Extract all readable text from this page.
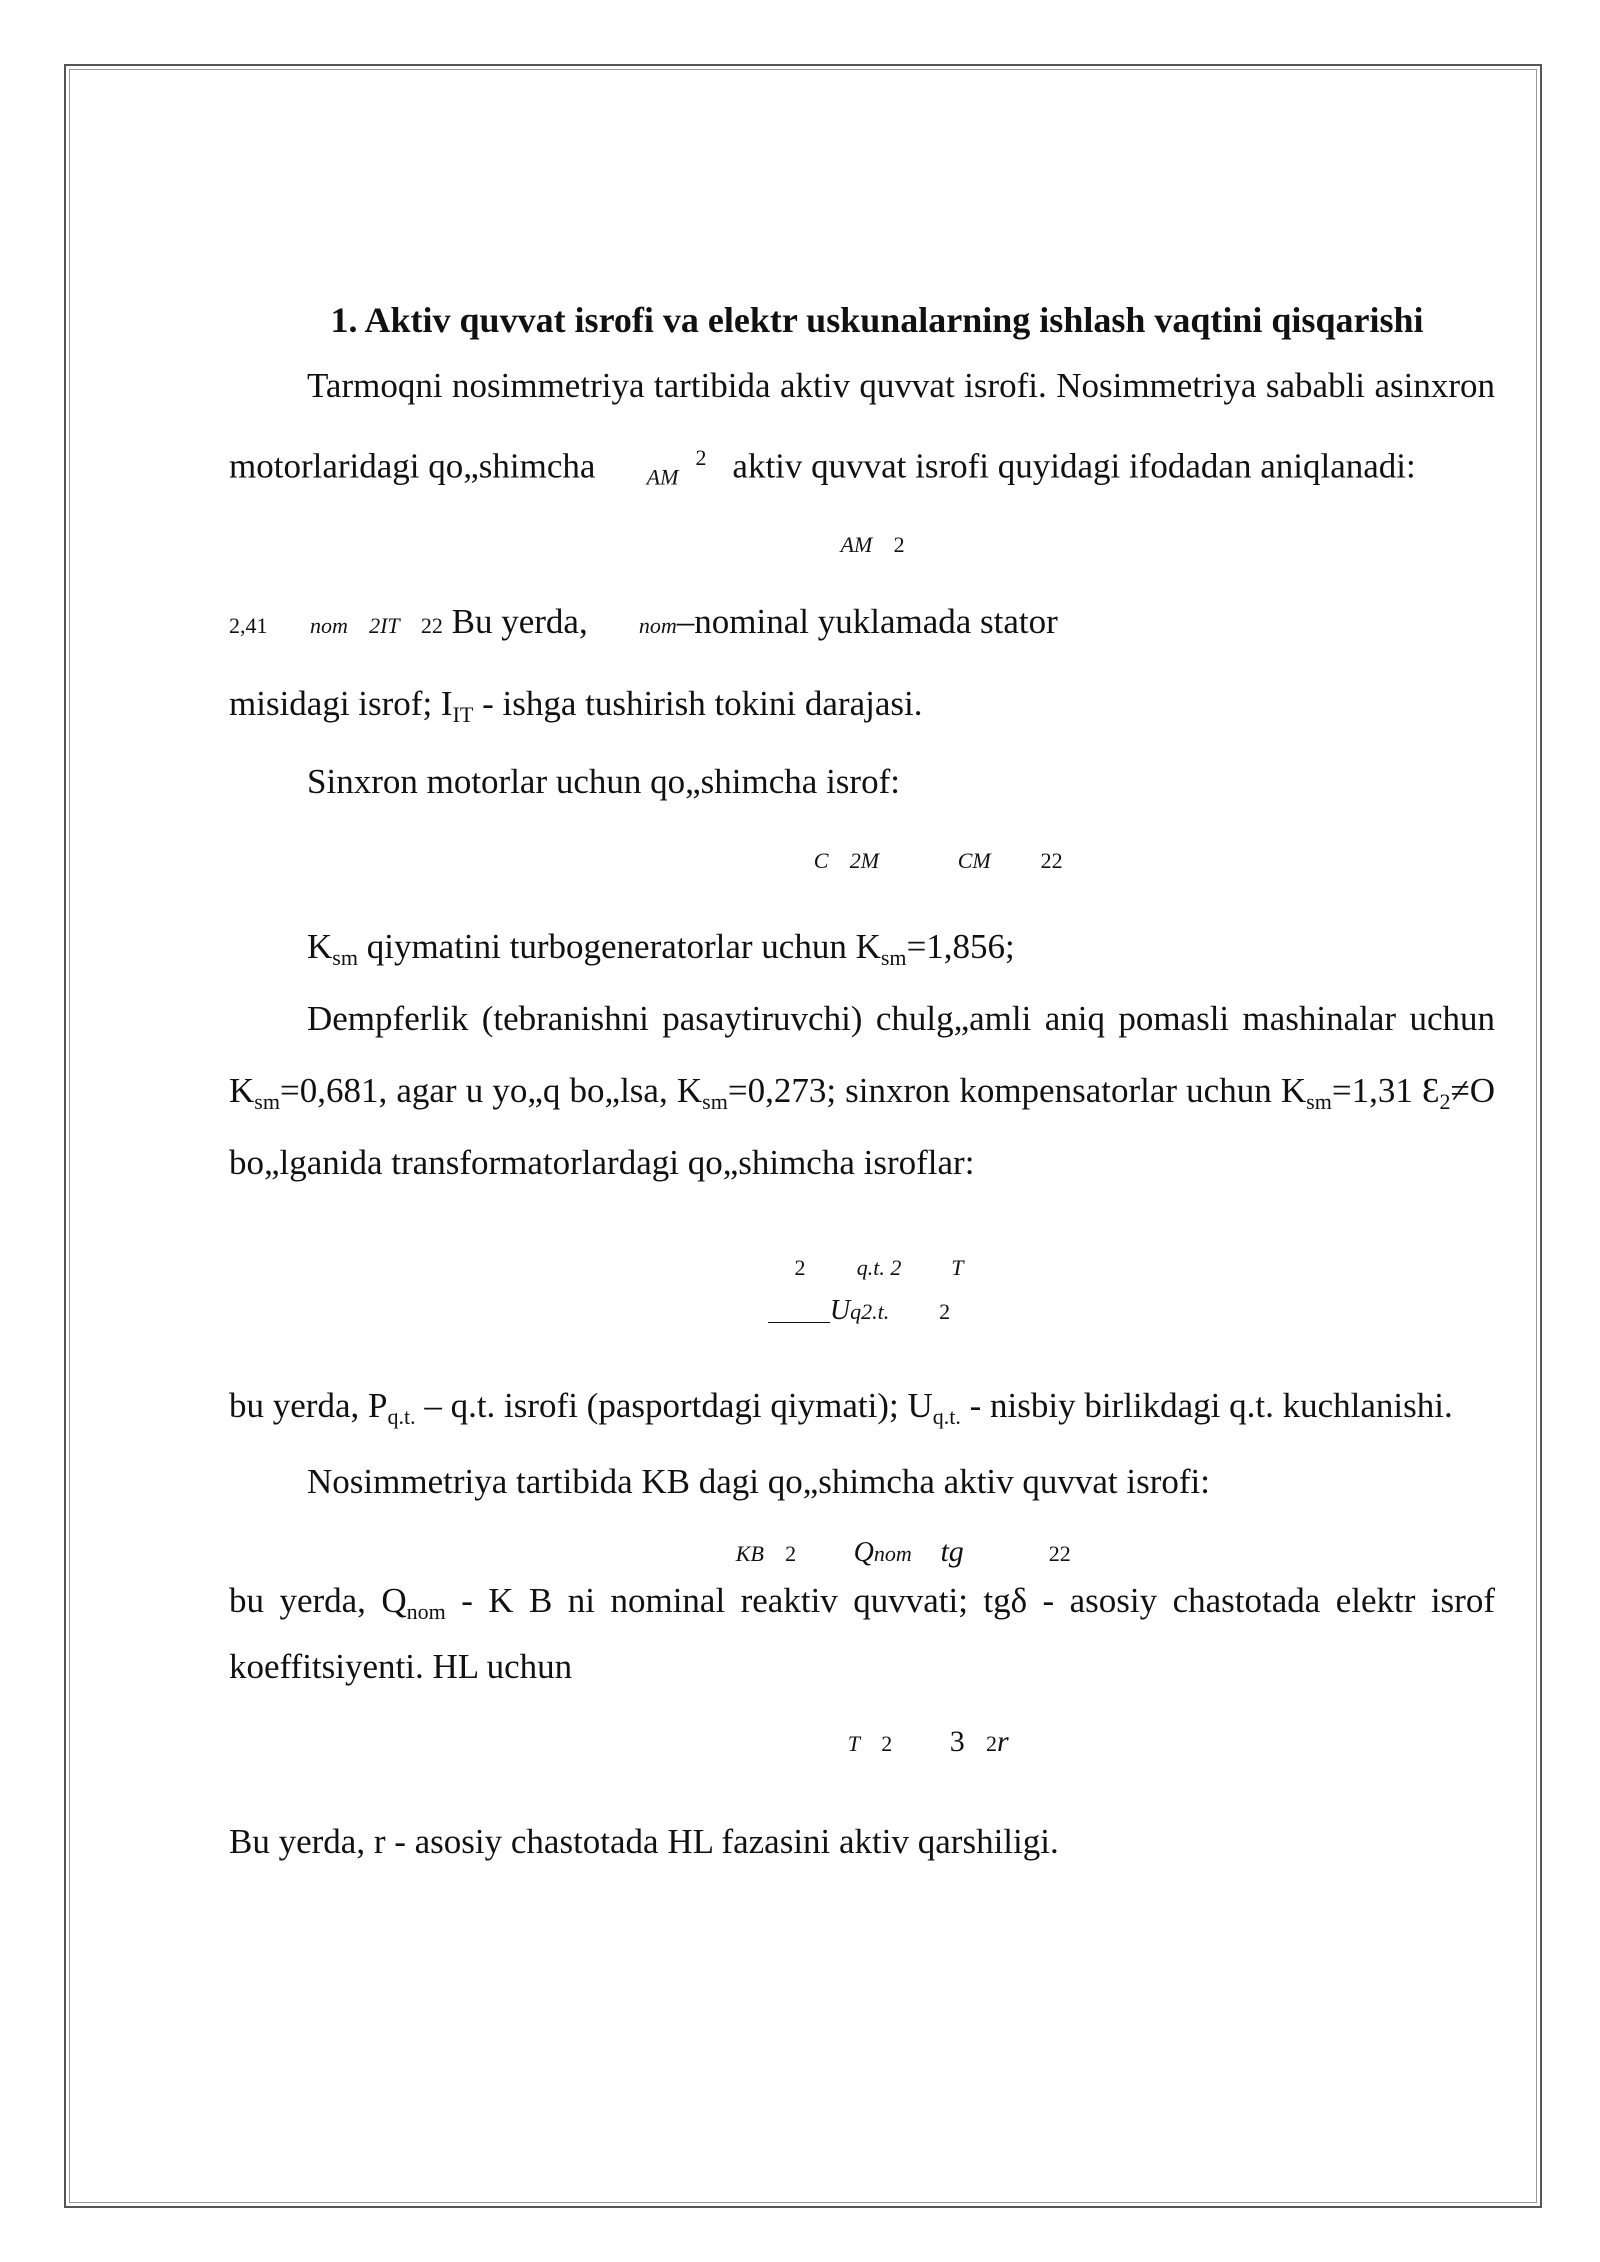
1. Aktiv quvvat isrofi va elektr uskunalarning ishlash vaqtini qisqarishi

Tarmoqni nosimmetriya tartibida aktiv quvvat isrofi. Nosimmetriya sababli asinxron motorlaridagi qo„shimcha $_{AM}$ $^2$ aktiv quvvat isrofi quyidagi ifodadan aniqlanadi:

AM 2

2,41 nom 2IT 22 Bu yerda, nom–nominal yuklamada stator

misidagi isrof; $I_{IT}$ - ishga tushirish tokini darajasi.

Sinxron motorlar uchun qo„shimcha isrof:

C 2M CM 22

$K_{sm}$ qiymatini turbogeneratorlar uchun $K_{sm}=1,856$;

Dempferlik (tebranishni pasaytiruvchi) chulg„amli aniq pomasli mashinalar uchun $K_{sm}=0,681$, agar u yo„q bo„lsa, $K_{sm}=0,273$; sinxron kompensatorlar uchun $K_{sm}=1,31$ $Ɛ_2\ne O$ bo„lganida transformatorlardagi qo„shimcha isroflar:

2      q.t. 2 T
Uq2.t. 2

bu yerda, $P_{q.t.} - q.t$. isrofi (pasportdagi qiymati); $U_{q.t.}$ - nisbiy birlikdagi q.t. kuchlanishi.

Nosimmetriya tartibida KB dagi qo„shimcha aktiv quvvat isrofi:

KB 2 Qnom tg 22

bu yerda, $Q_{nom}$ - K B ni nominal reaktiv quvvati; tgδ - asosiy chastotada elektr isrof koeffitsiyenti. HL uchun

T 2 3 2r

Bu yerda, r - asosiy chastotada HL fazasini aktiv qarshiligi.
